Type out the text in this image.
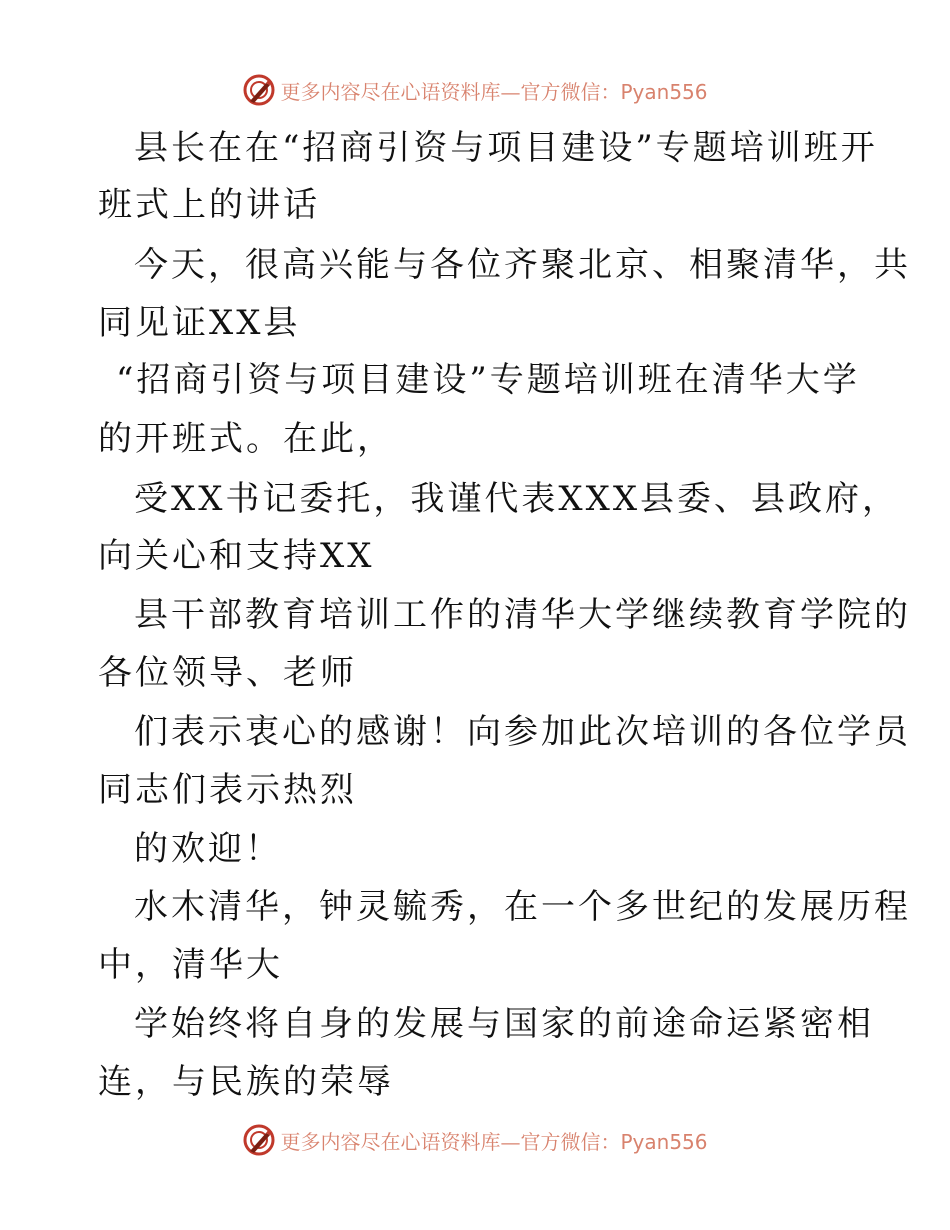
更多内容尽在心语资料库—官方微信：Pyan556
县长在在“招商引资与项目建设”专题培训班开
班式上的讲话
今天，很高兴能与各位齐聚北京、相聚清华，共
同见证XX县
“招商引资与项目建设”专题培训班在清华大学
的开班式。在此，
受XX书记委托，我谨代表XXX县委、县政府，
向关心和支持XX
县干部教育培训工作的清华大学继续教育学院的
各位领导、老师
们表示衷心的感谢！向参加此次培训的各位学员
同志们表示热烈
的欢迎！
水木清华，钟灵毓秀，在一个多世纪的发展历程
中，清华大
学始终将自身的发展与国家的前途命运紧密相
连，与民族的荣辱
更多内容尽在心语资料库—官方微信：Pyan556
